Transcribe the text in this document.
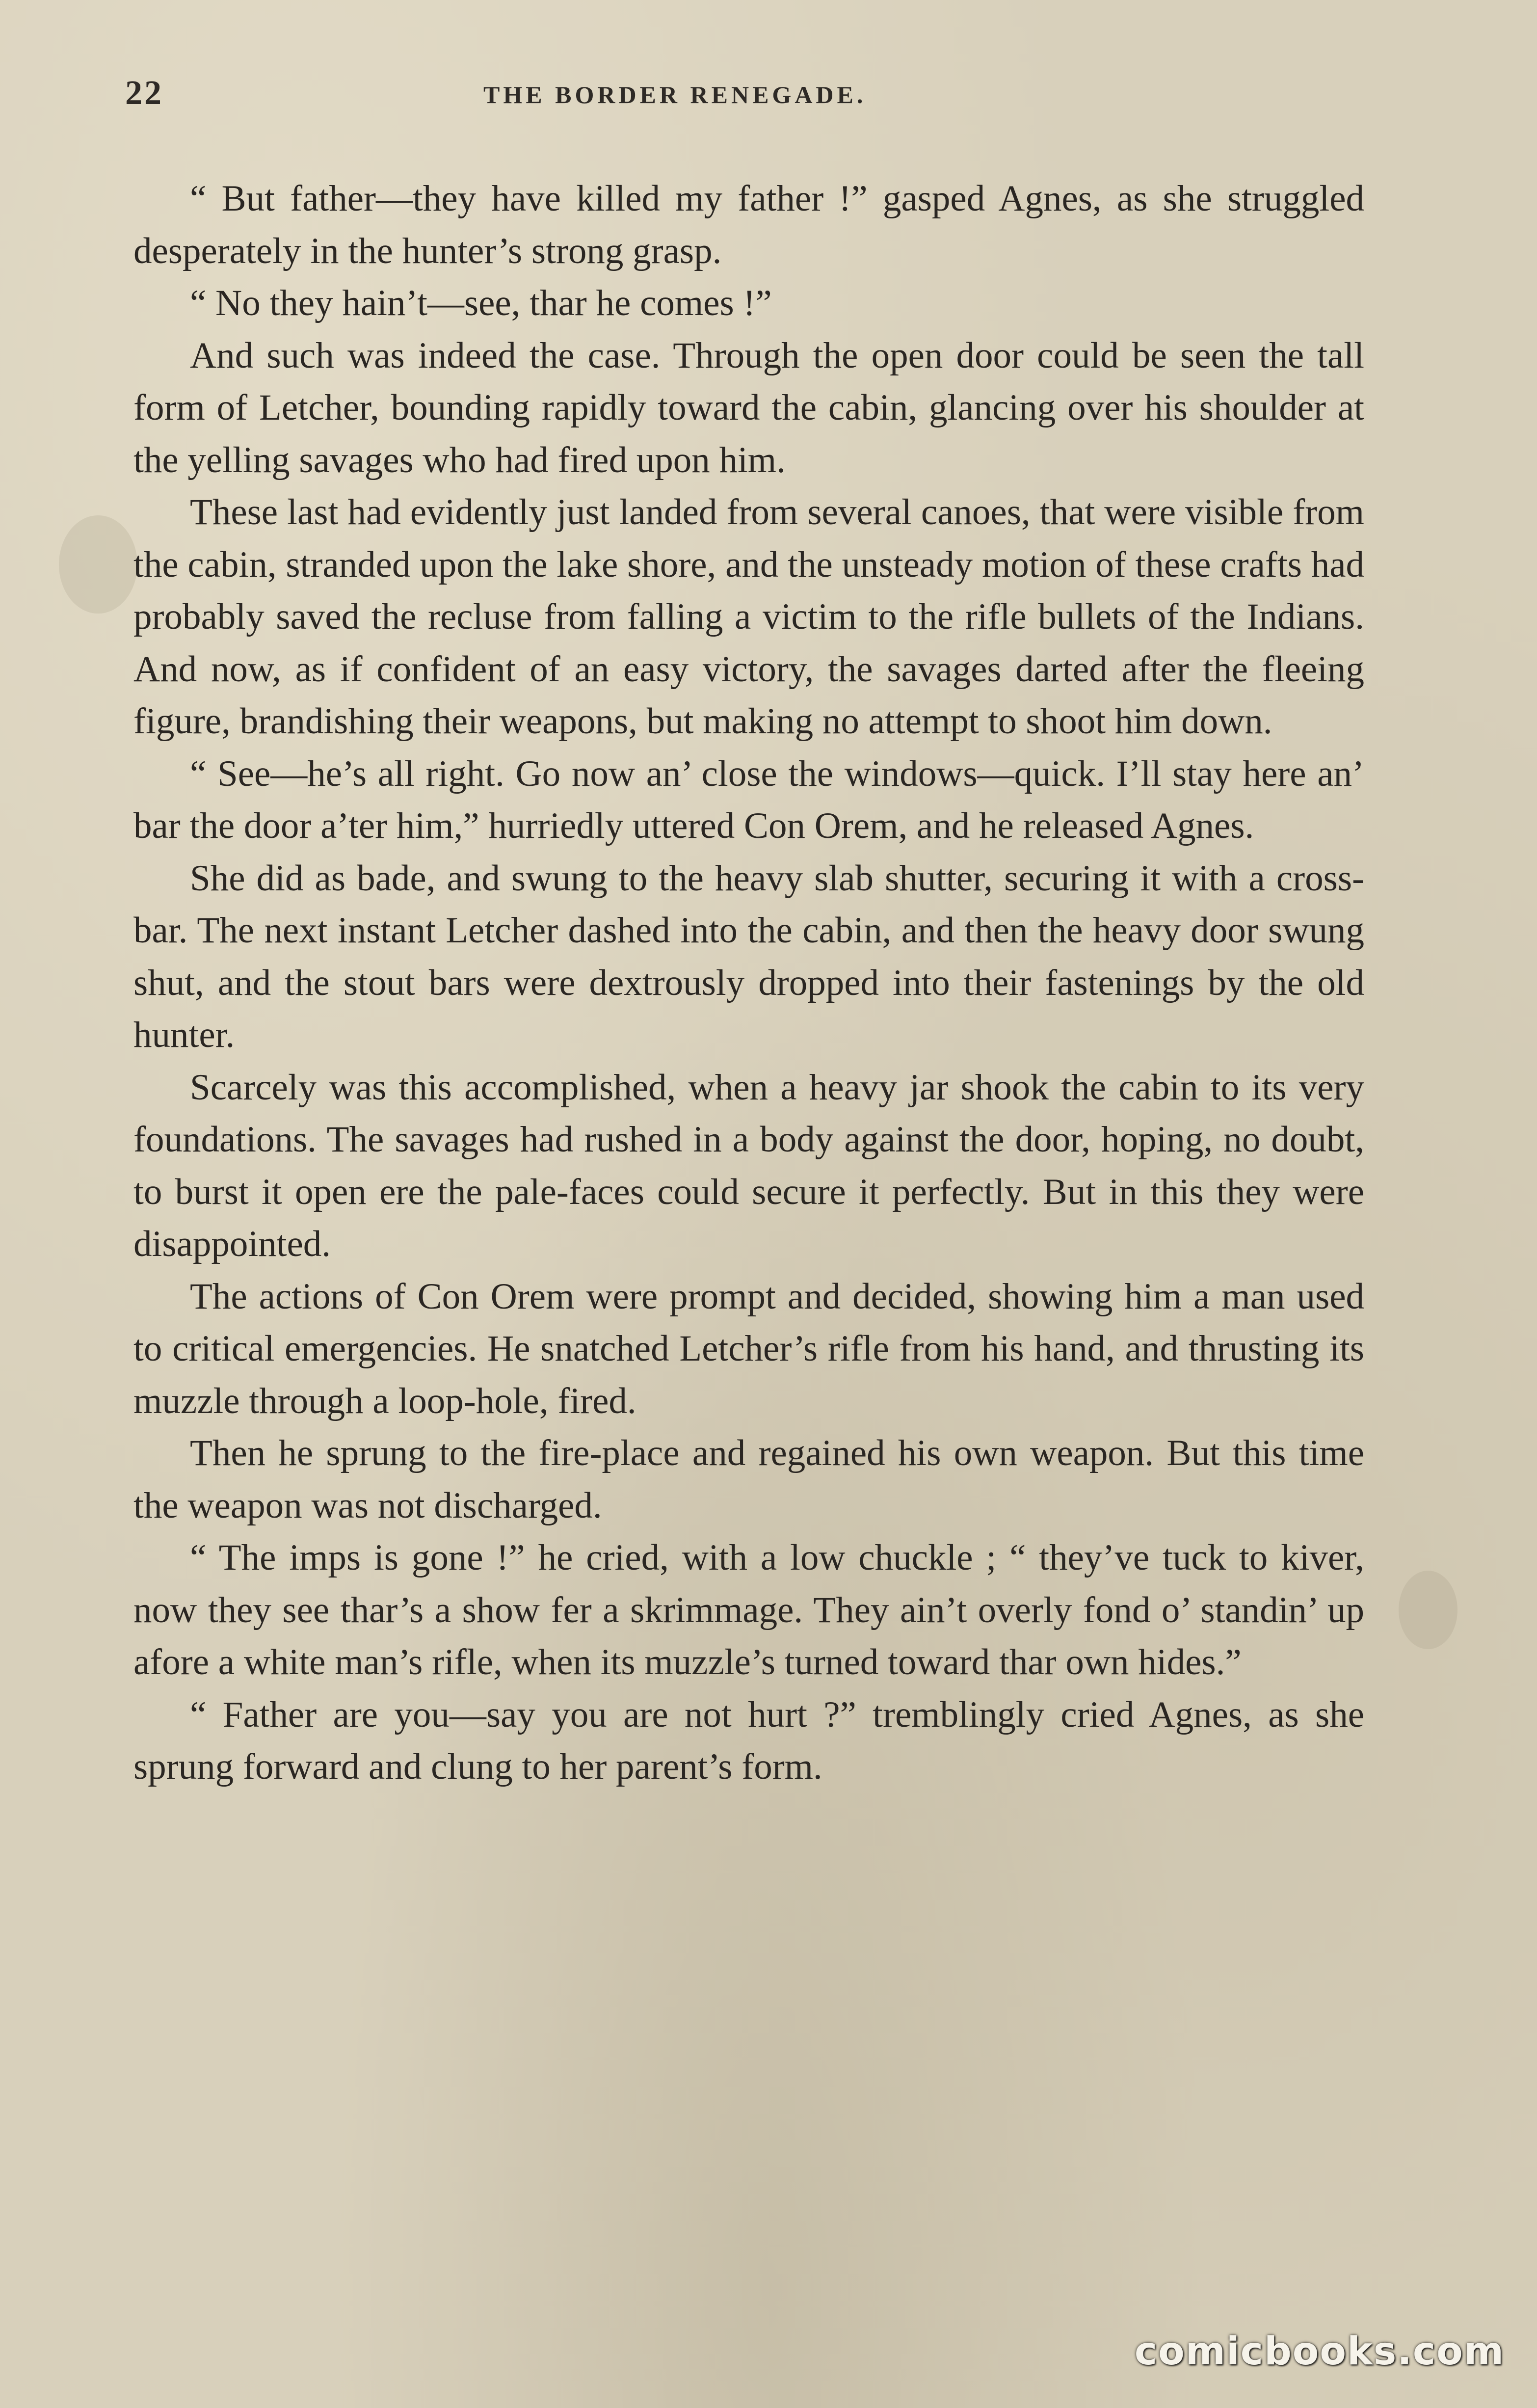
22	THE BORDER RENEGADE.

“ But father—they have killed my father !” gasped Agnes, as she struggled desperately in the hunter’s strong grasp.

“ No they hain’t—see, thar he comes !”

And such was indeed the case. Through the open door could be seen the tall form of Letcher, bounding rapidly toward the cabin, glancing over his shoulder at the yelling savages who had fired upon him.

These last had evidently just landed from several canoes, that were visible from the cabin, stranded upon the lake shore, and the unsteady motion of these crafts had probably saved the recluse from falling a victim to the rifle bullets of the Indians. And now, as if confident of an easy victory, the savages darted after the fleeing figure, brandishing their weapons, but making no attempt to shoot him down.

“ See—he’s all right. Go now an’ close the windows—quick. I’ll stay here an’ bar the door a’ter him,” hurriedly uttered Con Orem, and he released Agnes.

She did as bade, and swung to the heavy slab shutter, securing it with a cross-bar. The next instant Letcher dashed into the cabin, and then the heavy door swung shut, and the stout bars were dextrously dropped into their fastenings by the old hunter.

Scarcely was this accomplished, when a heavy jar shook the cabin to its very foundations. The savages had rushed in a body against the door, hoping, no doubt, to burst it open ere the pale-faces could secure it perfectly. But in this they were disappointed.

The actions of Con Orem were prompt and decided, showing him a man used to critical emergencies. He snatched Letcher’s rifle from his hand, and thrusting its muzzle through a loop-hole, fired.

Then he sprung to the fire-place and regained his own weapon. But this time the weapon was not discharged.

“ The imps is gone !” he cried, with a low chuckle ; “ they’ve tuck to kiver, now they see thar’s a show fer a skrimmage. They ain’t overly fond o’ standin’ up afore a white man’s rifle, when its muzzle’s turned toward thar own hides.”

“ Father are you—say you are not hurt ?” tremblingly cried Agnes, as she sprung forward and clung to her parent’s form.

comicbooks.com
